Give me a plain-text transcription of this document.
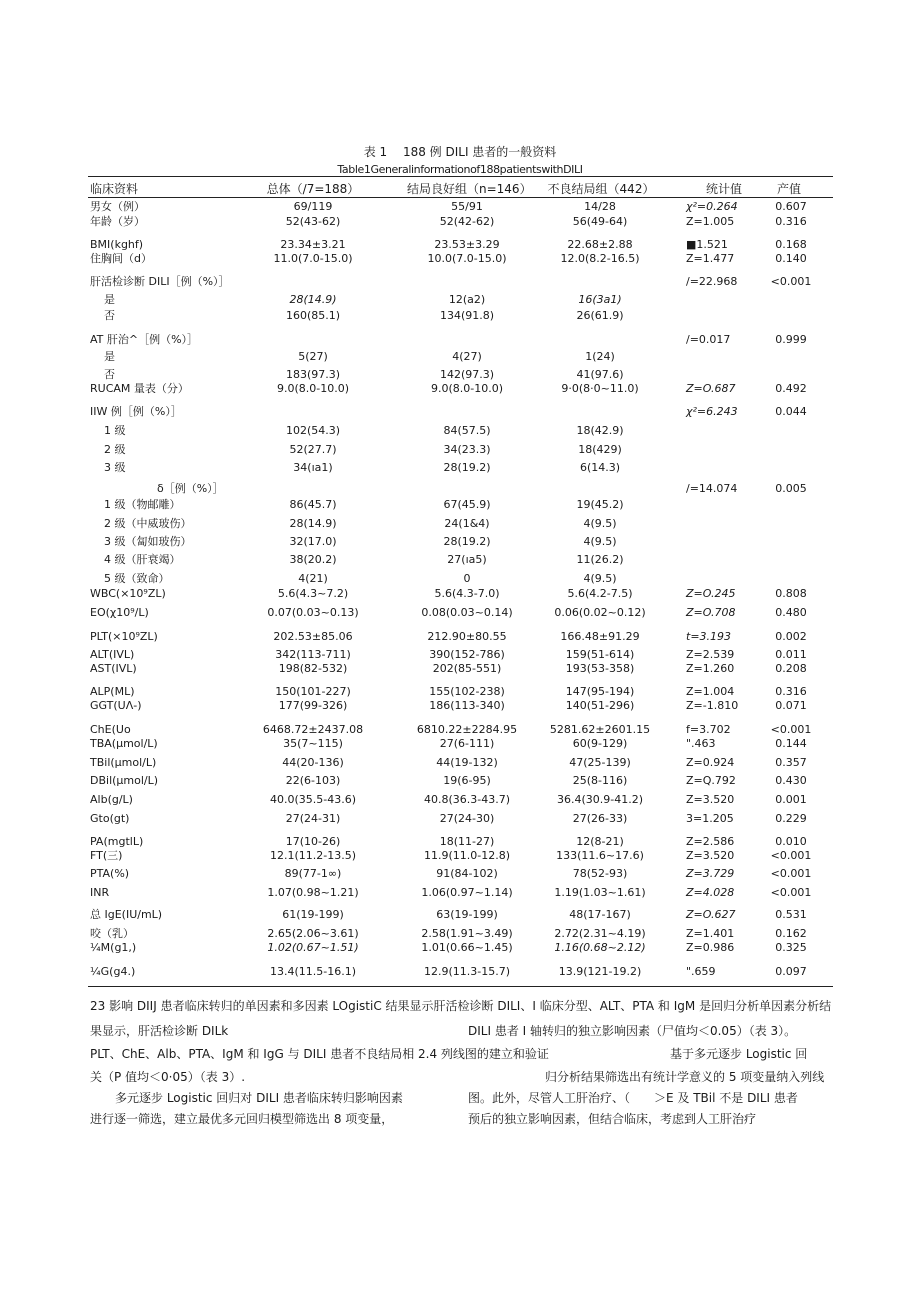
表 1　 188 例 DILI 患者的一般资料
Table1Generalinformationof188patientswithDILI
临床资料	总体（/7=188）	结局良好组（n=146） 不良结局组（442）	统计值	产值
男女（例）	69/119	55/91	14/28	χ²=0.264	0.607
年龄（岁）	52(43-62)	52(42-62)	56(49-64)	Z=1.005	0.316
BMI(kghf)	23.34±3.21	23.53±3.29	22.68±2.88	■1.521	0.168
住胸间（d）	11.0(7.0-15.0)	10.0(7.0-15.0)	12.0(8.2-16.5)	Z=1.477	0.140
肝活检诊断 DILI［例（%）］	/=22.968	<0.001
是	28(14.9)	12(a2)	16(3a1)
否	160(85.1)	134(91.8)	26(61.9)
AT 肝治^［例（%）］	/=0.017	0.999
是	5(27)	4(27)	1(24)
否	183(97.3)	142(97.3)	41(97.6)
RUCAM 量表（分）	9.0(8.0-10.0)	9.0(8.0-10.0)	9·0(8·0~11.0)	Z=O.687	0.492
IIW 例［例（%）］	χ²=6.243	0.044
1 级	102(54.3)	84(57.5)	18(42.9)
2 级	52(27.7)	34(23.3)	18(429)
3 级	34(ıa1)	28(19.2)	6(14.3)
δ［例（%）］	/=14.074	0.005
1 级（物邮雕）	86(45.7)	67(45.9)	19(45.2)
2 级（中威玻伤）	28(14.9)	24(1&4)	4(9.5)
3 级（匐如玻伤）	32(17.0)	28(19.2)	4(9.5)
4 级（肝衰竭）	38(20.2)	27(ıa5)	11(26.2)
5 级（致命）	4(21)	0	4(9.5)
WBC(×10⁹ZL)	5.6(4.3~7.2)	5.6(4.3-7.0)	5.6(4.2-7.5)	Z=O.245	0.808
EO(χ10⁹/L)	0.07(0.03~0.13)	0.08(0.03~0.14)	0.06(0.02~0.12)	Z=O.708	0.480
PLT(×10⁹ZL)	202.53±85.06	212.90±80.55	166.48±91.29	t=3.193	0.002
ALT(IVL)	342(113-711)	390(152-786)	159(51-614)	Z=2.539	0.011
AST(IVL)	198(82-532)	202(85-551)	193(53-358)	Z=1.260	0.208
ALP(ML)	150(101-227)	155(102-238)	147(95-194)	Z=1.004	0.316
GGT(UΛ-)	177(99-326)	186(113-340)	140(51-296)	Z=-1.810	0.071
ChE(Uo	6468.72±2437.08	6810.22±2284.95	5281.62±2601.15	f=3.702	<0.001
TBA(μmol∕L)	35(7~115)	27(6-111)	60(9-129)	".463	0.144
TBil(μmol∕L)	44(20-136)	44(19-132)	47(25-139)	Z=0.924	0.357
DBil(μmol∕L)	22(6-103)	19(6-95)	25(8-116)	Z=Q.792	0.430
Alb(g/L)	40.0(35.5-43.6)	40.8(36.3-43.7)	36.4(30.9-41.2)	Z=3.520	0.001
Gto(gt)	27(24-31)	27(24-30)	27(26-33)	3=1.205	0.229
PA(mgtlL)	17(10-26)	18(11-27)	12(8-21)	Z=2.586	0.010
FT(三)	12.1(11.2-13.5)	11.9(11.0-12.8)	133(11.6~17.6)	Z=3.520	<0.001
PTA(%)	89(77-1∞)	91(84-102)	78(52-93)	Z=3.729	<0.001
INR	1.07(0.98~1.21)	1.06(0.97~1.14)	1.19(1.03~1.61)	Z=4.028	<0.001
总 IgE(IU∕mL)	61(19-199)	63(19-199)	48(17-167)	Z=O.627	0.531
咬（乳）	2.65(2.06~3.61)	2.58(1.91~3.49)	2.72(2.31~4.19)	Z=1.401	0.162
¼M(g1,)	1.02(0.67~1.51)	1.01(0.66~1.45)	1.16(0.68~2.12)	Z=0.986	0.325
¼G(g4.)	13.4(11.5-16.1)	12.9(11.3-15.7)	13.9(121-19.2)	".659	0.097
23 影响 DIIJ 患者临床转归的单因素和多因素 LOgistiC 结果显示肝活检诊断 DILI、I 临床分型、ALT、PTA 和 IgM 是回归分析单因素分析结
果显示，肝活检诊断 DILk	DILI 患者 I 轴转归的独立影响因素（尸值均＜0.05）（表 3）。
PLT、ChE、Alb、PTA、IgM 和 IgG 与 DILI 患者不良结局相 2.4 列线图的建立和验证	基于多元逐步 Logistic 回
关（P 值均＜0·05）（表 3）.	归分析结果筛选出有统计学意义的 5 项变量纳入列线
多元逐步 Logistic 回归对 DILI 患者临床转归影响因素	图。此外，尽管人工肝治疗、（　　＞E 及 TBil 不是 DILI 患者
进行逐一筛选，建立最优多元回归模型筛选出 8 项变量，	预后的独立影响因素，但结合临床，考虑到人工肝治疗
